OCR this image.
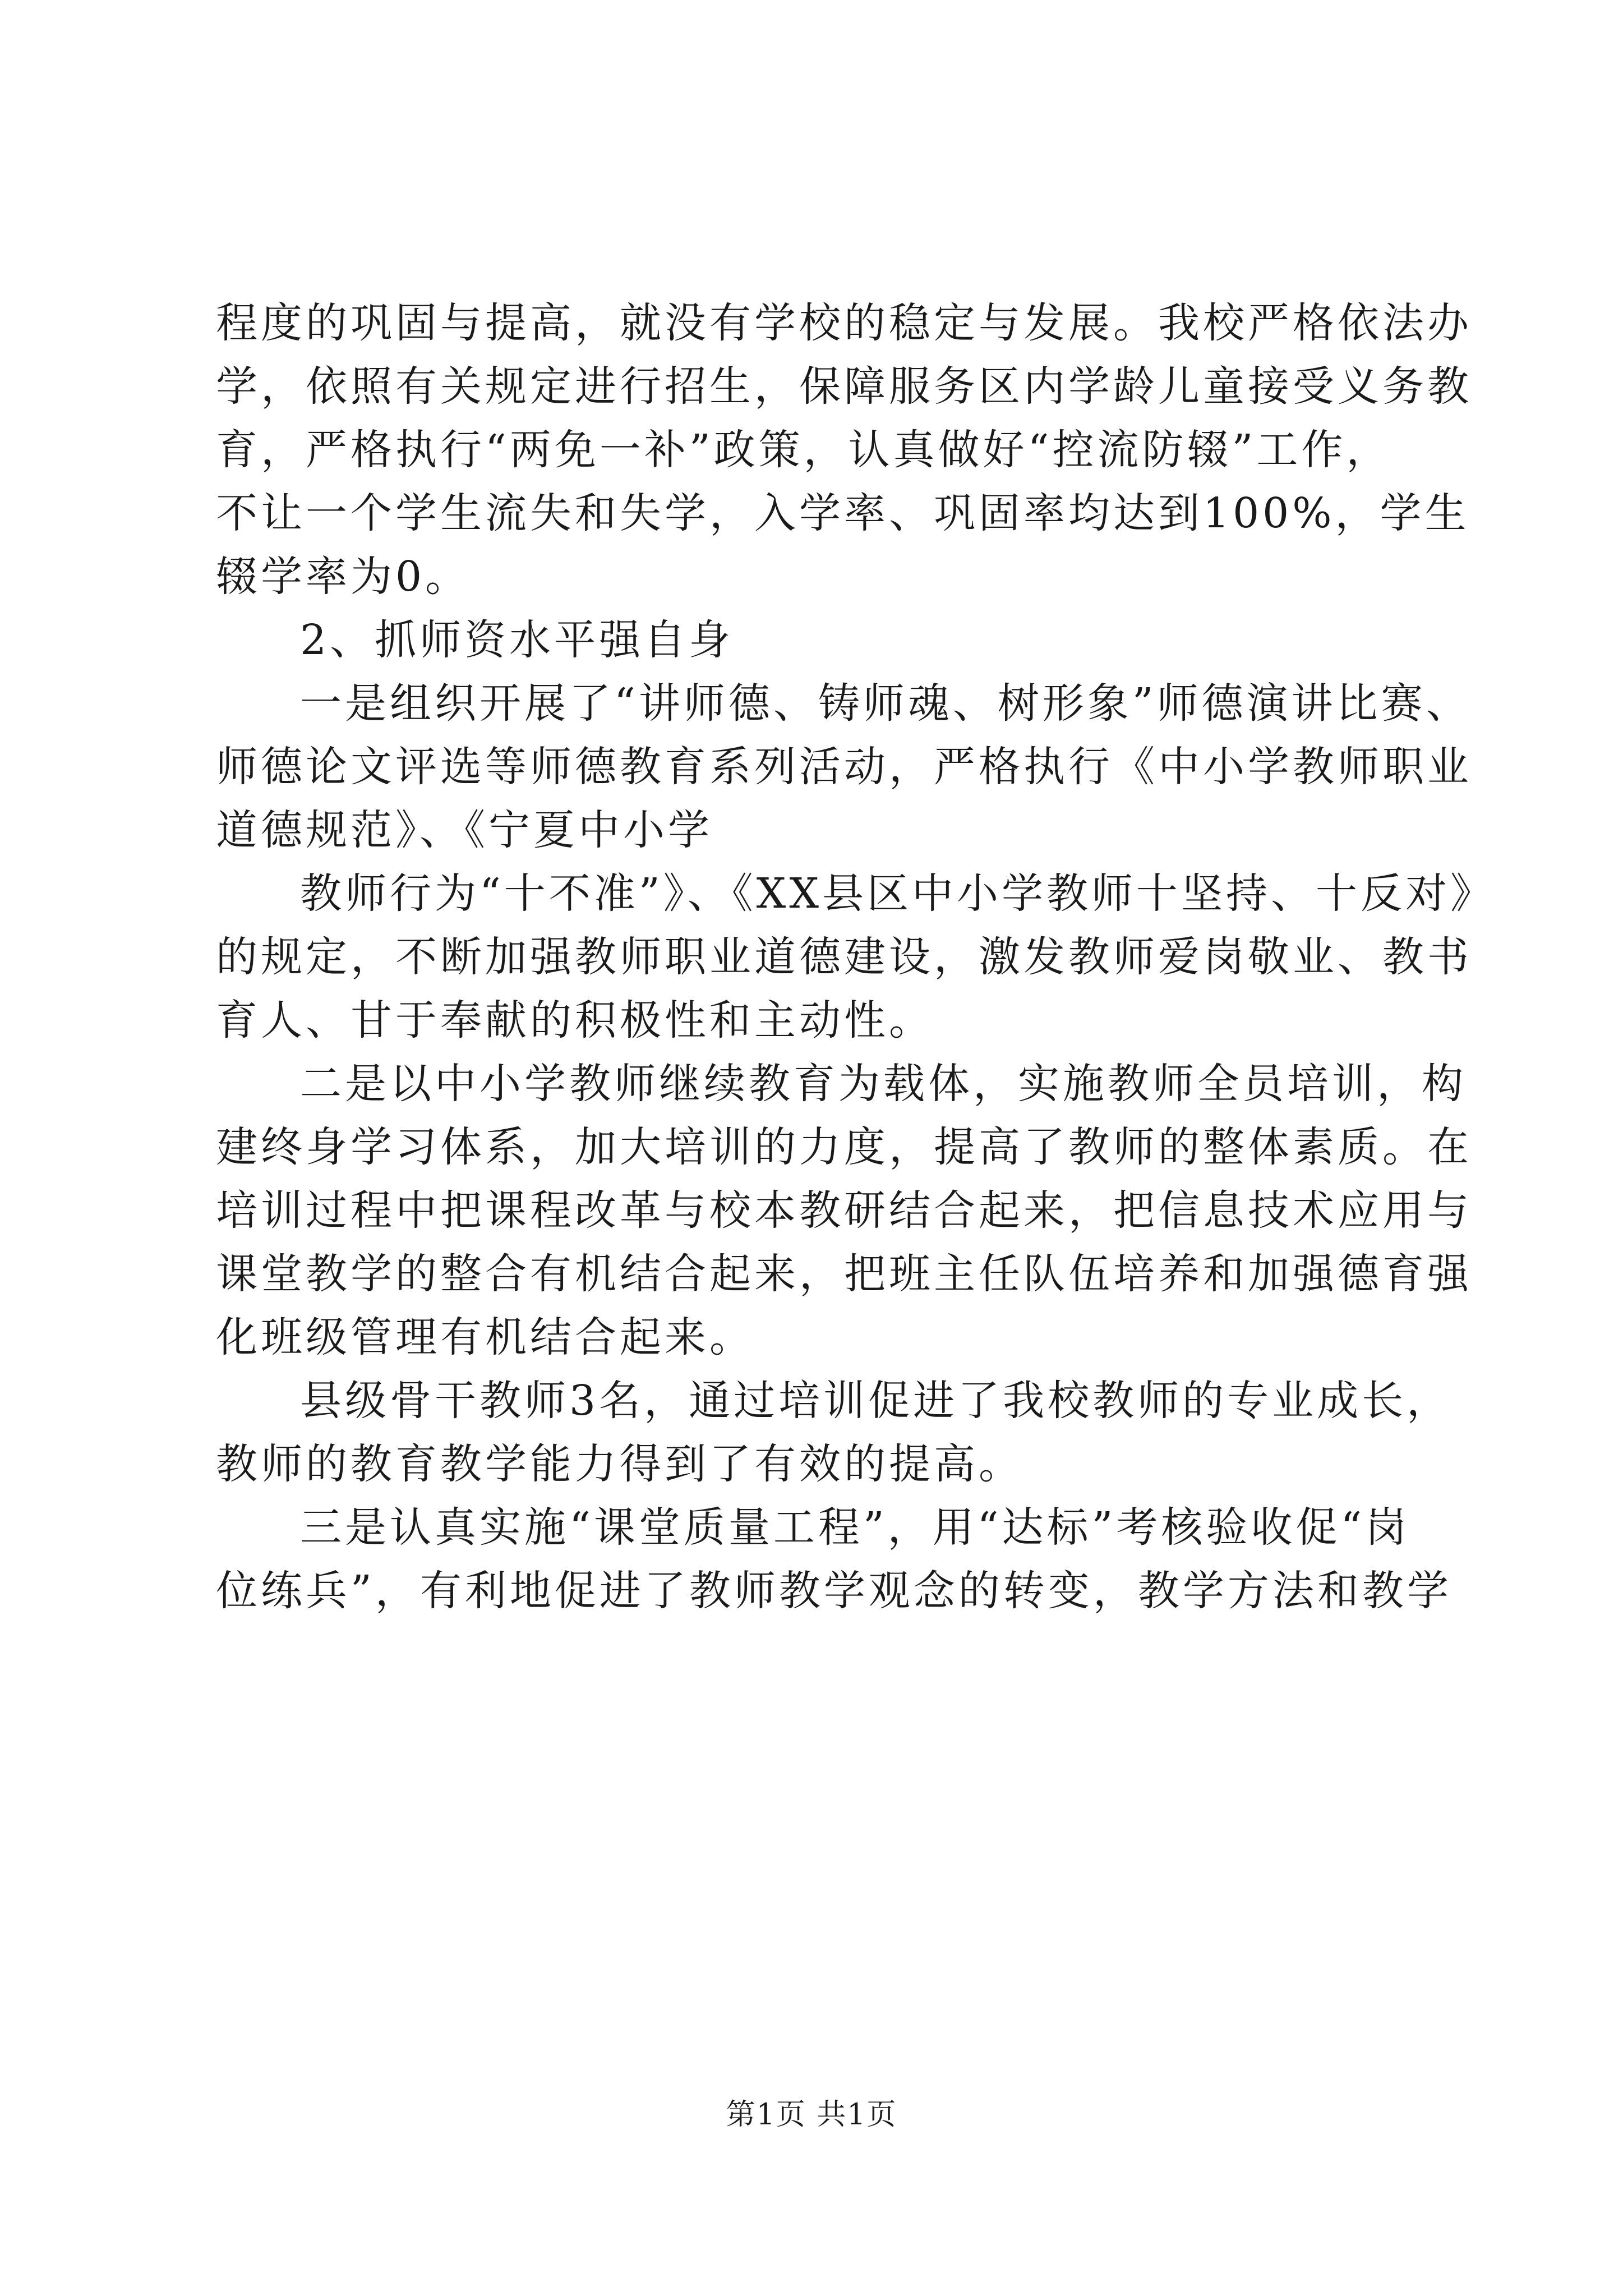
程度的巩固与提高，就没有学校的稳定与发展。我校严格依法办
学，依照有关规定进行招生，保障服务区内学龄儿童接受义务教
育，严格执行“两免一补”政策，认真做好“控流防辍”工作，
不让一个学生流失和失学，入学率、巩固率均达到100%，学生
辍学率为0。
2、抓师资水平强自身
一是组织开展了“讲师德、铸师魂、树形象”师德演讲比赛、
师德论文评选等师德教育系列活动，严格执行《中小学教师职业
道德规范》、《宁夏中小学
教师行为“十不准”》、《XX县区中小学教师十坚持、十反对》
的规定，不断加强教师职业道德建设，激发教师爱岗敬业、教书
育人、甘于奉献的积极性和主动性。
二是以中小学教师继续教育为载体，实施教师全员培训，构
建终身学习体系，加大培训的力度，提高了教师的整体素质。在
培训过程中把课程改革与校本教研结合起来，把信息技术应用与
课堂教学的整合有机结合起来，把班主任队伍培养和加强德育强
化班级管理有机结合起来。
县级骨干教师3名，通过培训促进了我校教师的专业成长，
教师的教育教学能力得到了有效的提高。
三是认真实施“课堂质量工程”，用“达标”考核验收促“岗
位练兵”，有利地促进了教师教学观念的转变，教学方法和教学
第1页 共1页
